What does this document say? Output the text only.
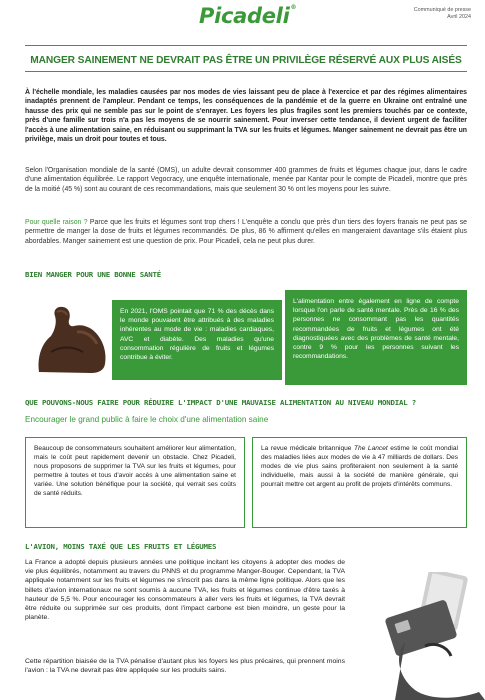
Picadeli®	Communiqué de presse
Avril 2024
MANGER SAINEMENT NE DEVRAIT PAS ÊTRE UN PRIVILÈGE RÉSERVÉ AUX PLUS AISÉS
À l'échelle mondiale, les maladies causées par nos modes de vies laissant peu de place à l'exercice et par des régimes alimentaires inadaptés prennent de l'ampleur. Pendant ce temps, les conséquences de la pandémie et de la guerre en Ukraine ont entraîné une hausse des prix qui ne semble pas sur le point de s'enrayer. Les foyers les plus fragiles sont les premiers touchés par ce contexte, près d'une famille sur trois n'a pas les moyens de se nourrir sainement. Pour inverser cette tendance, il devient urgent de faciliter l'accès à une alimentation saine, en réduisant ou supprimant la TVA sur les fruits et légumes. Manger sainement ne devrait pas être un privilège, mais un droit pour toutes et tous.
Selon l'Organisation mondiale de la santé (OMS), un adulte devrait consommer 400 grammes de fruits et légumes chaque jour, dans le cadre d'une alimentation équilibrée. Le rapport Vegocracy, une enquête internationale, menée par Kantar pour le compte de Picadeli, montre que près de la moitié (45 %) sont au courant de ces recommandations, mais que seulement 30 % ont les moyens pour les suivre.
Pour quelle raison ? Parce que les fruits et légumes sont trop chers ! L'enquête a conclu que près d'un tiers des foyers franais ne peut pas se permettre de manger la dose de fruits et légumes recommandés. De plus, 86 % affirment qu'elles en mangeraient davantage s'ils étaient plus abordables. Manger sainement est une question de prix. Pour Picadeli, cela ne peut plus durer.
BIEN MANGER POUR UNE BONNE SANTÉ
En 2021, l'OMS pointait que 71 % des décès dans le monde pouvaient être attribués à des maladies inhérentes au mode de vie : maladies cardiaques, AVC et diabète. Des maladies qu'une consommation régulière de fruits et légumes contribue à éviter.
L'alimentation entre également en ligne de compte lorsque l'on parle de santé mentale. Près de 16 % des personnes ne consommant pas les quantités recommandées de fruits et légumes ont été diagnostiquées avec des problèmes de santé mentale, contre 9 % pour les personnes suivant les recommandations.
QUE POUVONS-NOUS FAIRE POUR RÉDUIRE L'IMPACT D'UNE MAUVAISE ALIMENTATION AU NIVEAU MONDIAL ?
Encourager le grand public à faire le choix d'une alimentation saine
Beaucoup de consommateurs souhaitent améliorer leur alimentation, mais le coût peut rapidement devenir un obstacle. Chez Picadeli, nous proposons de supprimer la TVA sur les fruits et légumes, pour permettre à toutes et tous d'avoir accès à une alimentation saine et variée. Une solution bénéfique pour la société, qui verrait ses coûts de santé réduits.
La revue médicale britannique The Lancet estime le coût mondial des maladies liées aux modes de vie à 47 milliards de dollars. Des modes de vie plus sains profiteraient non seulement à la santé individuelle, mais aussi à la société de manière générale, qui pourrait mettre cet argent au profit de projets d'intérêts communs.
L'AVION, MOINS TAXÉ QUE LES FRUITS ET LÉGUMES
La France a adopté depuis plusieurs années une politique incitant les citoyens à adopter des modes de vie plus équilibrés, notamment au travers du PNNS et du programme Manger-Bouger. Cependant, la TVA appliquée notamment sur les fruits et légumes ne s'inscrit pas dans la même ligne politique. Alors que les billets d'avion internationaux ne sont soumis à aucune TVA, les fruits et légumes continue d'être taxés à hauteur de 5,5 %. Pour encourager les consommateurs à aller vers les fruits et légumes, la TVA devrait être réduite ou supprimée sur ces produits, dont l'impact carbone est bien moindre, un geste pour la planète.
Cette répartition biaisée de la TVA pénalise d'autant plus les foyers les plus précaires, qui prennent moins l'avion : la TVA ne devrait pas être appliquée sur les produits sains.
